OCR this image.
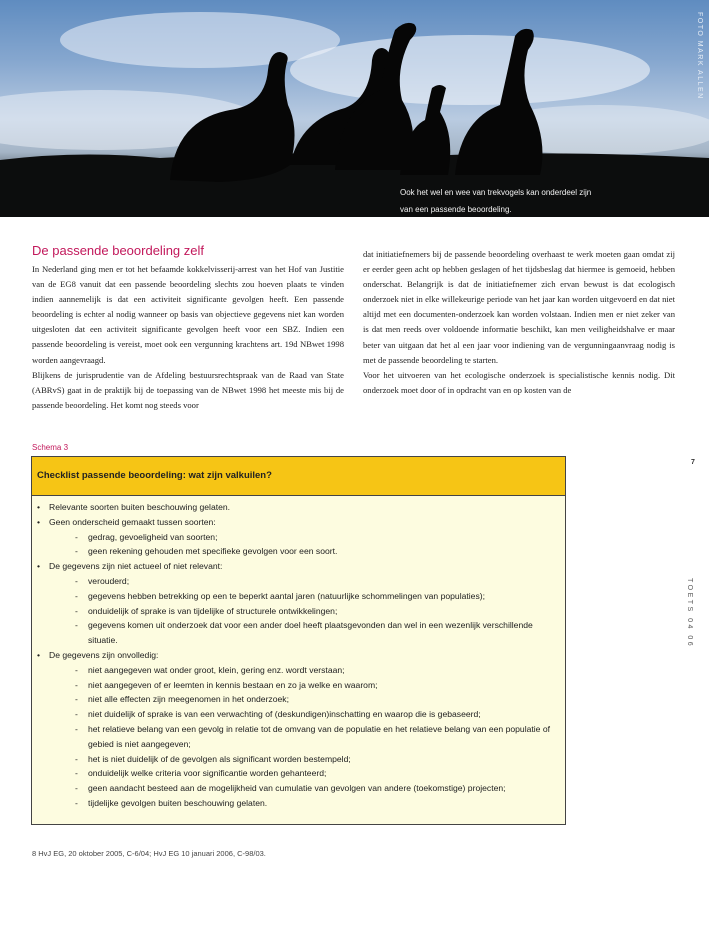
FOTO MARK ALLEN
Ook het wel en wee van trekvogels kan onderdeel zijn
van een passende beoordeling.
De passende beoordeling zelf

In Nederland ging men er tot het befaamde kokkelvisserij-arrest van het Hof van Justitie van de EG8 vanuit dat een passende beoordeling slechts zou hoeven plaats te vinden indien aannemelijk is dat een activiteit significante gevolgen heeft. Een passende beoordeling is echter al nodig wanneer op basis van objectieve gegevens niet kan worden uitgesloten dat een activiteit significante gevolgen heeft voor een SBZ. Indien een passende beoordeling is vereist, moet ook een vergunning krachtens art. 19d NBwet 1998 worden aangevraagd.

Blijkens de jurisprudentie van de Afdeling bestuursrechtspraak van de Raad van State (ABRvS) gaat in de praktijk bij de toepassing van de NBwet 1998 het meeste mis bij de passende beoordeling. Het komt nog steeds voor

dat initiatiefnemers bij de passende beoordeling overhaast te werk moeten gaan omdat zij er eerder geen acht op hebben geslagen of het tijdsbeslag dat hiermee is gemoeid, hebben onderschat. Belangrijk is dat de initiatiefnemer zich ervan bewust is dat ecologisch onderzoek niet in elke willekeurige periode van het jaar kan worden uitgevoerd en dat niet altijd met een documenten-onderzoek kan worden volstaan. Indien men er niet zeker van is dat men reeds over voldoende informatie beschikt, kan men veiligheidshalve er maar beter van uitgaan dat het al een jaar voor indiening van de vergunningaanvraag nodig is met de passende beoordeling te starten.

Voor het uitvoeren van het ecologische onderzoek is specialistische kennis nodig. Dit onderzoek moet door of in opdracht van en op kosten van de

Schema 3
Checklist passende beoordeling: wat zijn valkuilen?
• Relevante soorten buiten beschouwing gelaten.
• Geen onderscheid gemaakt tussen soorten:
- gedrag, gevoeligheid van soorten;
- geen rekening gehouden met specifieke gevolgen voor een soort.
• De gegevens zijn niet actueel of niet relevant:
- verouderd;
- gegevens hebben betrekking op een te beperkt aantal jaren (natuurlijke schommelingen van populaties);
- onduidelijk of sprake is van tijdelijke of structurele ontwikkelingen;
- gegevens komen uit onderzoek dat voor een ander doel heeft plaatsgevonden dan wel in een wezenlijk verschillende situatie.
• De gegevens zijn onvolledig:
- niet aangegeven wat onder groot, klein, gering enz. wordt verstaan;
- niet aangegeven of er leemten in kennis bestaan en zo ja welke en waarom;
- niet alle effecten zijn meegenomen in het onderzoek;
- niet duidelijk of sprake is van een verwachting of (deskundigen)inschatting en waarop die is gebaseerd;
- het relatieve belang van een gevolg in relatie tot de omvang van de populatie en het relatieve belang van een populatie of gebied is niet aangegeven;
- het is niet duidelijk of de gevolgen als significant worden bestempeld;
- onduidelijk welke criteria voor significantie worden gehanteerd;
- geen aandacht besteed aan de mogelijkheid van cumulatie van gevolgen van andere (toekomstige) projecten;
- tijdelijke gevolgen buiten beschouwing gelaten.
7
TOETS 04 06
8 HvJ EG, 20 oktober 2005, C-6/04; HvJ EG 10 januari 2006, C-98/03.
